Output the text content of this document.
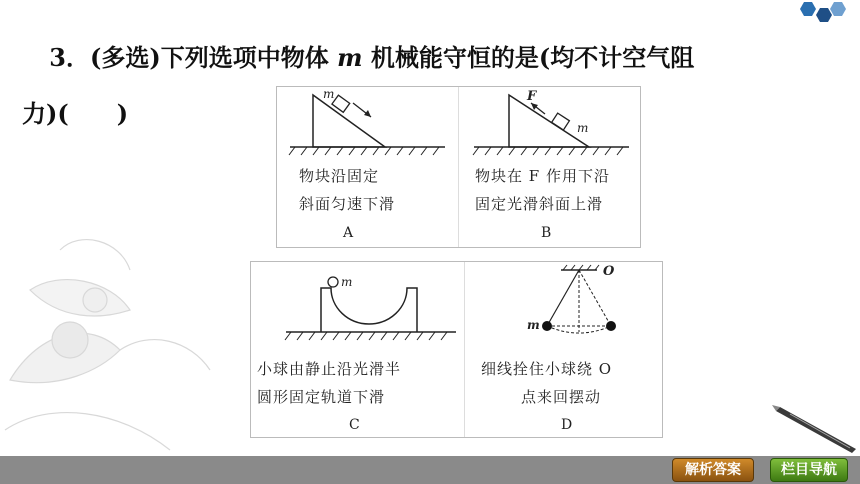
3．(多选)下列选项中物体 m 机械能守恒的是(均不计空气阻
力)(　　)
m
物块沿固定
斜面匀速下滑
A
F
m
物块在 F 作用下沿
固定光滑斜面上滑
B
m
小球由静止沿光滑半
圆形固定轨道下滑
C
O
m
细线拴住小球绕 O
点来回摆动
D
解析答案	栏目导航
